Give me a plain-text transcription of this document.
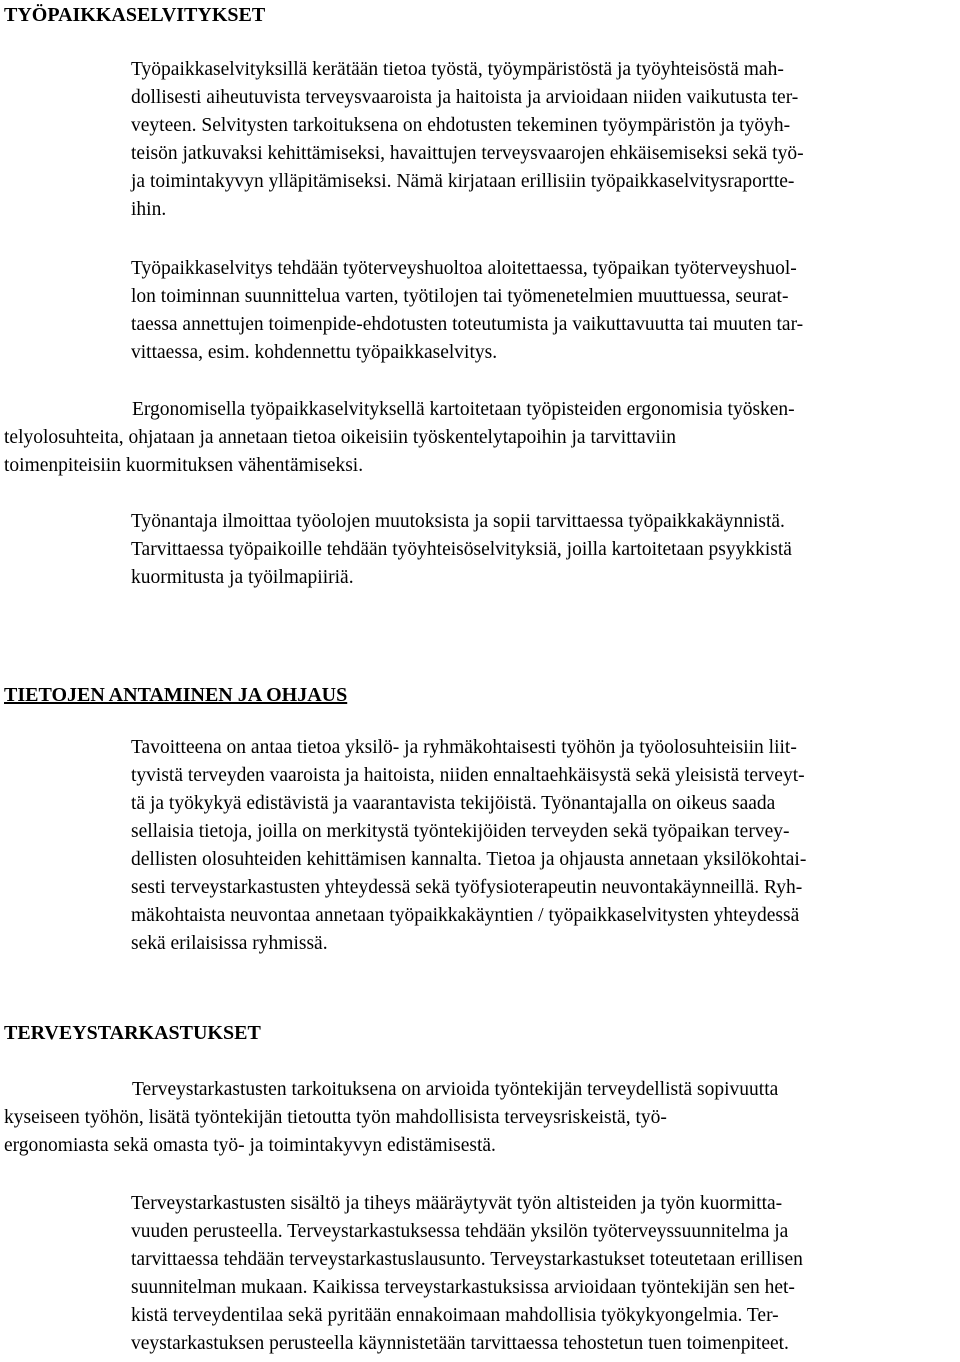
TYÖPAIKKASELVITYKSET
Työpaikkaselvityksillä kerätään tietoa työstä, työympäristöstä ja työyhteisöstä mah-
dollisesti aiheutuvista terveysvaaroista ja haitoista ja arvioidaan niiden vaikutusta ter-
veyteen. Selvitysten tarkoituksena on ehdotusten tekeminen työympäristön ja työyh-
teisön jatkuvaksi kehittämiseksi, havaittujen terveysvaarojen ehkäisemiseksi sekä työ-
ja toimintakyvyn ylläpitämiseksi. Nämä kirjataan erillisiin työpaikkaselvitysraportte-
ihin.
Työpaikkaselvitys tehdään työterveyshuoltoa aloitettaessa, työpaikan työterveyshuol-
lon toiminnan suunnittelua varten, työtilojen tai työmenetelmien muuttuessa, seurat-
taessa annettujen toimenpide-ehdotusten toteutumista ja vaikuttavuutta tai muuten tar-
vittaessa, esim. kohdennettu työpaikkaselvitys.
Ergonomisella työpaikkaselvityksellä kartoitetaan työpisteiden ergonomisia työsken-
telyolosuhteita, ohjataan ja annetaan tietoa oikeisiin työskentelytapoihin ja tarvittaviin
toimenpiteisiin kuormituksen vähentämiseksi.
Työnantaja ilmoittaa työolojen muutoksista ja sopii tarvittaessa työpaikkakäynnistä.
Tarvittaessa työpaikoille tehdään työyhteisöselvityksiä, joilla kartoitetaan psyykkistä
kuormitusta ja työilmapiiriä.
TIETOJEN ANTAMINEN JA OHJAUS
Tavoitteena on antaa tietoa yksilö- ja ryhmäkohtaisesti työhön ja työolosuhteisiin liit-
tyvistä terveyden vaaroista ja haitoista, niiden ennaltaehkäisystä sekä yleisistä terveyt-
tä ja työkykyä edistävistä ja vaarantavista tekijöistä. Työnantajalla on oikeus saada
sellaisia tietoja, joilla on merkitystä työntekijöiden terveyden sekä työpaikan tervey-
dellisten olosuhteiden kehittämisen kannalta. Tietoa ja ohjausta annetaan yksilökohtai-
sesti terveystarkastusten yhteydessä sekä työfysioterapeutin neuvontakäynneillä. Ryh-
mäkohtaista neuvontaa annetaan työpaikkakäyntien / työpaikkaselvitysten yhteydessä
sekä erilaisissa ryhmissä.
TERVEYSTARKASTUKSET
Terveystarkastusten tarkoituksena on arvioida työntekijän terveydellistä sopivuutta
kyseiseen työhön, lisätä työntekijän tietoutta työn mahdollisista terveysriskeistä, työ-
ergonomiasta sekä omasta työ- ja toimintakyvyn edistämisestä.
Terveystarkastusten sisältö ja tiheys määräytyvät työn altisteiden ja työn kuormitta-
vuuden perusteella. Terveystarkastuksessa tehdään yksilön työterveyssuunnitelma ja
tarvittaessa tehdään terveystarkastuslausunto. Terveystarkastukset toteutetaan erillisen
suunnitelman mukaan. Kaikissa terveystarkastuksissa arvioidaan työntekijän sen het-
kistä terveydentilaa sekä pyritään ennakoimaan mahdollisia työkykyongelmia. Ter-
veystarkastuksen perusteella käynnistetään tarvittaessa tehostetun tuen toimenpiteet.
